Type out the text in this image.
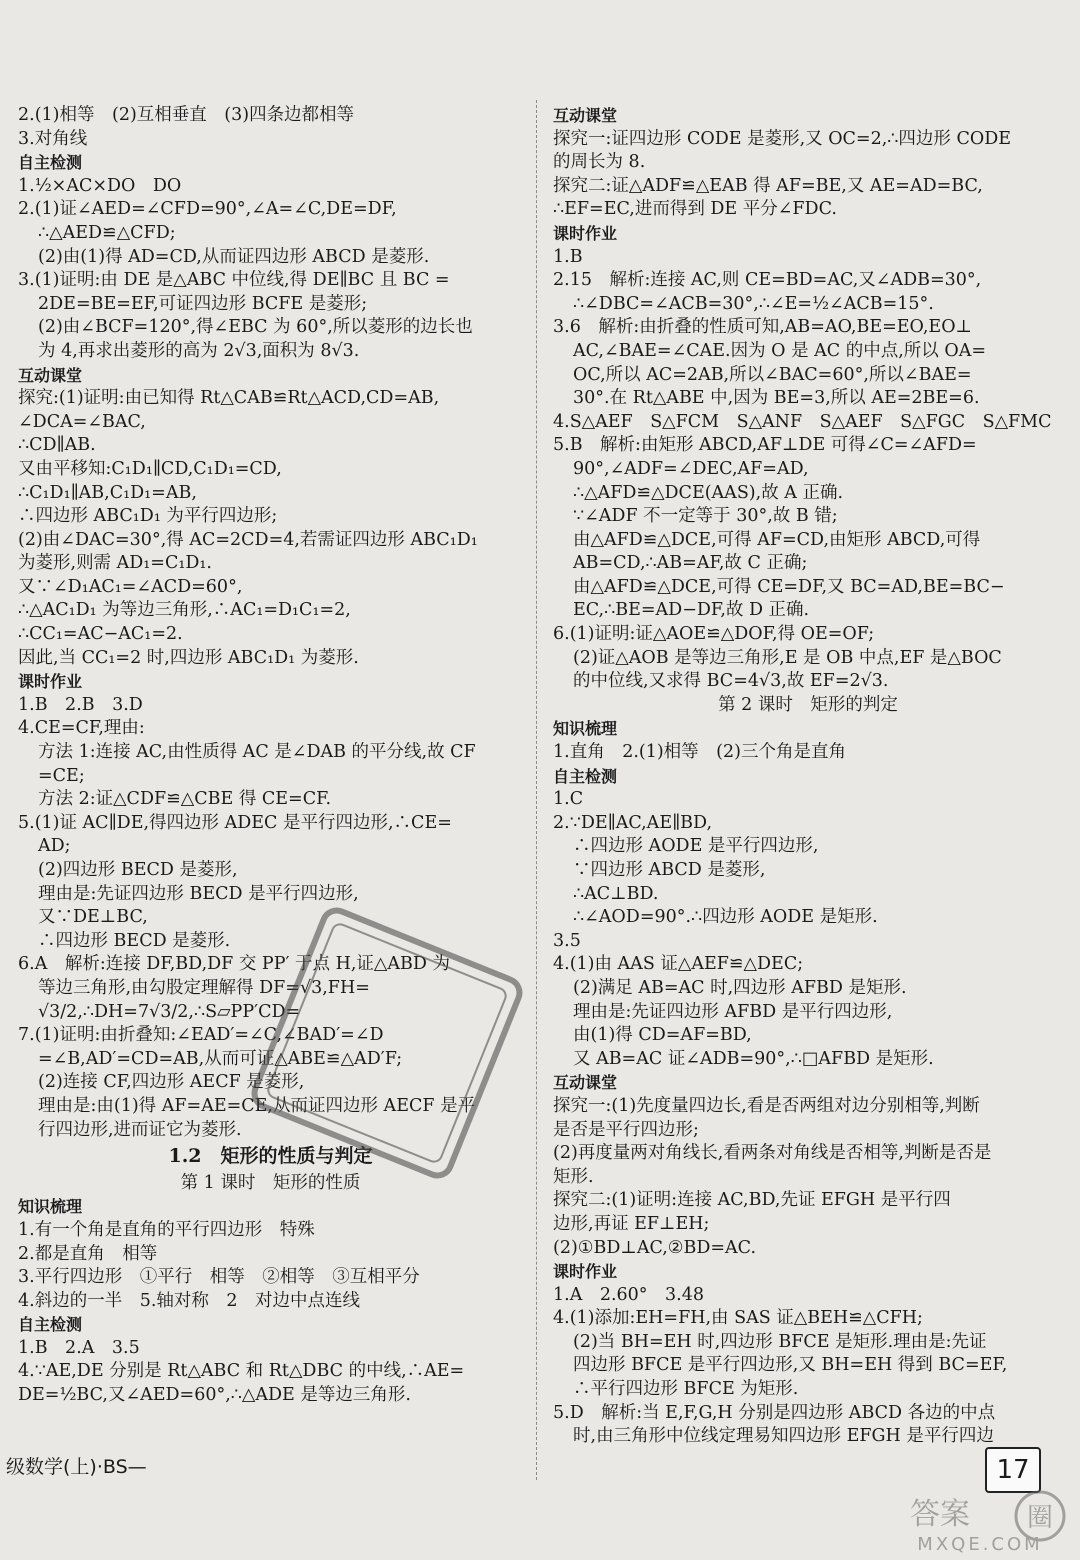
2.(1)相等　(2)互相垂直　(3)四条边都相等
3.对角线
自主检测
1.½×AC×DO　DO
2.(1)证∠AED=∠CFD=90°,∠A=∠C,DE=DF,
∴△AED≌△CFD;
(2)由(1)得 AD=CD,从而证四边形 ABCD 是菱形.
3.(1)证明:由 DE 是△ABC 中位线,得 DE∥BC 且 BC =
2DE=BE=EF,可证四边形 BCFE 是菱形;
(2)由∠BCF=120°,得∠EBC 为 60°,所以菱形的边长也
为 4,再求出菱形的高为 2√3,面积为 8√3.
互动课堂
探究:(1)证明:由已知得 Rt△CAB≌Rt△ACD,CD=AB,
∠DCA=∠BAC,
∴CD∥AB.
又由平移知:C₁D₁∥CD,C₁D₁=CD,
∴C₁D₁∥AB,C₁D₁=AB,
∴四边形 ABC₁D₁ 为平行四边形;
(2)由∠DAC=30°,得 AC=2CD=4,若需证四边形 ABC₁D₁
为菱形,则需 AD₁=C₁D₁.
又∵∠D₁AC₁=∠ACD=60°,
∴△AC₁D₁ 为等边三角形,∴AC₁=D₁C₁=2,
∴CC₁=AC−AC₁=2.
因此,当 CC₁=2 时,四边形 ABC₁D₁ 为菱形.
课时作业
1.B　2.B　3.D
4.CE=CF,理由:
方法 1:连接 AC,由性质得 AC 是∠DAB 的平分线,故 CF
=CE;
方法 2:证△CDF≌△CBE 得 CE=CF.
5.(1)证 AC∥DE,得四边形 ADEC 是平行四边形,∴CE=
AD;
(2)四边形 BECD 是菱形,
理由是:先证四边形 BECD 是平行四边形,
又∵DE⊥BC,
∴四边形 BECD 是菱形.
6.A　解析:连接 DF,BD,DF 交 PP′ 于点 H,证△ABD 为
等边三角形,由勾股定理解得 DF=√3,FH=
√3/2,∴DH=7√3/2,∴S▱PP′CD=
7.(1)证明:由折叠知:∠EAD′=∠C,∠BAD′=∠D
=∠B,AD′=CD=AB,从而可证△ABE≌△AD′F;
(2)连接 CF,四边形 AECF 是菱形,
理由是:由(1)得 AF=AE=CE,从而证四边形 AECF 是平
行四边形,进而证它为菱形.
1.2　矩形的性质与判定
第 1 课时　矩形的性质
知识梳理
1.有一个角是直角的平行四边形　特殊
2.都是直角　相等
3.平行四边形　①平行　相等　②相等　③互相平分
4.斜边的一半　5.轴对称　2　对边中点连线
自主检测
1.B　2.A　3.5
4.∵AE,DE 分别是 Rt△ABC 和 Rt△DBC 的中线,∴AE=
DE=½BC,又∠AED=60°,∴△ADE 是等边三角形.
互动课堂
探究一:证四边形 CODE 是菱形,又 OC=2,∴四边形 CODE
的周长为 8.
探究二:证△ADF≌△EAB 得 AF=BE,又 AE=AD=BC,
∴EF=EC,进而得到 DE 平分∠FDC.
课时作业
1.B
2.15　解析:连接 AC,则 CE=BD=AC,又∠ADB=30°,
∴∠DBC=∠ACB=30°,∴∠E=½∠ACB=15°.
3.6　解析:由折叠的性质可知,AB=AO,BE=EO,EO⊥
AC,∠BAE=∠CAE.因为 O 是 AC 的中点,所以 OA=
OC,所以 AC=2AB,所以∠BAC=60°,所以∠BAE=
30°.在 Rt△ABE 中,因为 BE=3,所以 AE=2BE=6.
4.S△AEF　S△FCM　S△ANF　S△AEF　S△FGC　S△FMC
5.B　解析:由矩形 ABCD,AF⊥DE 可得∠C=∠AFD=
90°,∠ADF=∠DEC,AF=AD,
∴△AFD≌△DCE(AAS),故 A 正确.
∵∠ADF 不一定等于 30°,故 B 错;
由△AFD≌△DCE,可得 AF=CD,由矩形 ABCD,可得
AB=CD,∴AB=AF,故 C 正确;
由△AFD≌△DCE,可得 CE=DF,又 BC=AD,BE=BC−
EC,∴BE=AD−DF,故 D 正确.
6.(1)证明:证△AOE≌△DOF,得 OE=OF;
(2)证△AOB 是等边三角形,E 是 OB 中点,EF 是△BOC
的中位线,又求得 BC=4√3,故 EF=2√3.
第 2 课时　矩形的判定
知识梳理
1.直角　2.(1)相等　(2)三个角是直角
自主检测
1.C
2.∵DE∥AC,AE∥BD,
∴四边形 AODE 是平行四边形,
∵四边形 ABCD 是菱形,
∴AC⊥BD.
∴∠AOD=90°.∴四边形 AODE 是矩形.
3.5
4.(1)由 AAS 证△AEF≌△DEC;
(2)满足 AB=AC 时,四边形 AFBD 是矩形.
理由是:先证四边形 AFBD 是平行四边形,
由(1)得 CD=AF=BD,
又 AB=AC 证∠ADB=90°,∴□AFBD 是矩形.
互动课堂
探究一:(1)先度量四边长,看是否两组对边分别相等,判断
是否是平行四边形;
(2)再度量两对角线长,看两条对角线是否相等,判断是否是
矩形.
探究二:(1)证明:连接 AC,BD,先证 EFGH 是平行四
边形,再证 EF⊥EH;
(2)①BD⊥AC,②BD=AC.
课时作业
1.A　2.60°　3.48
4.(1)添加:EH=FH,由 SAS 证△BEH≌△CFH;
(2)当 BH=EH 时,四边形 BFCE 是矩形.理由是:先证
四边形 BFCE 是平行四边形,又 BH=EH 得到 BC=EF,
∴平行四边形 BFCE 为矩形.
5.D　解析:当 E,F,G,H 分别是四边形 ABCD 各边的中点
时,由三角形中位线定理易知四边形 EFGH 是平行四边
级数学(上)·BS—	17
答案 圈
MXQE.COM
